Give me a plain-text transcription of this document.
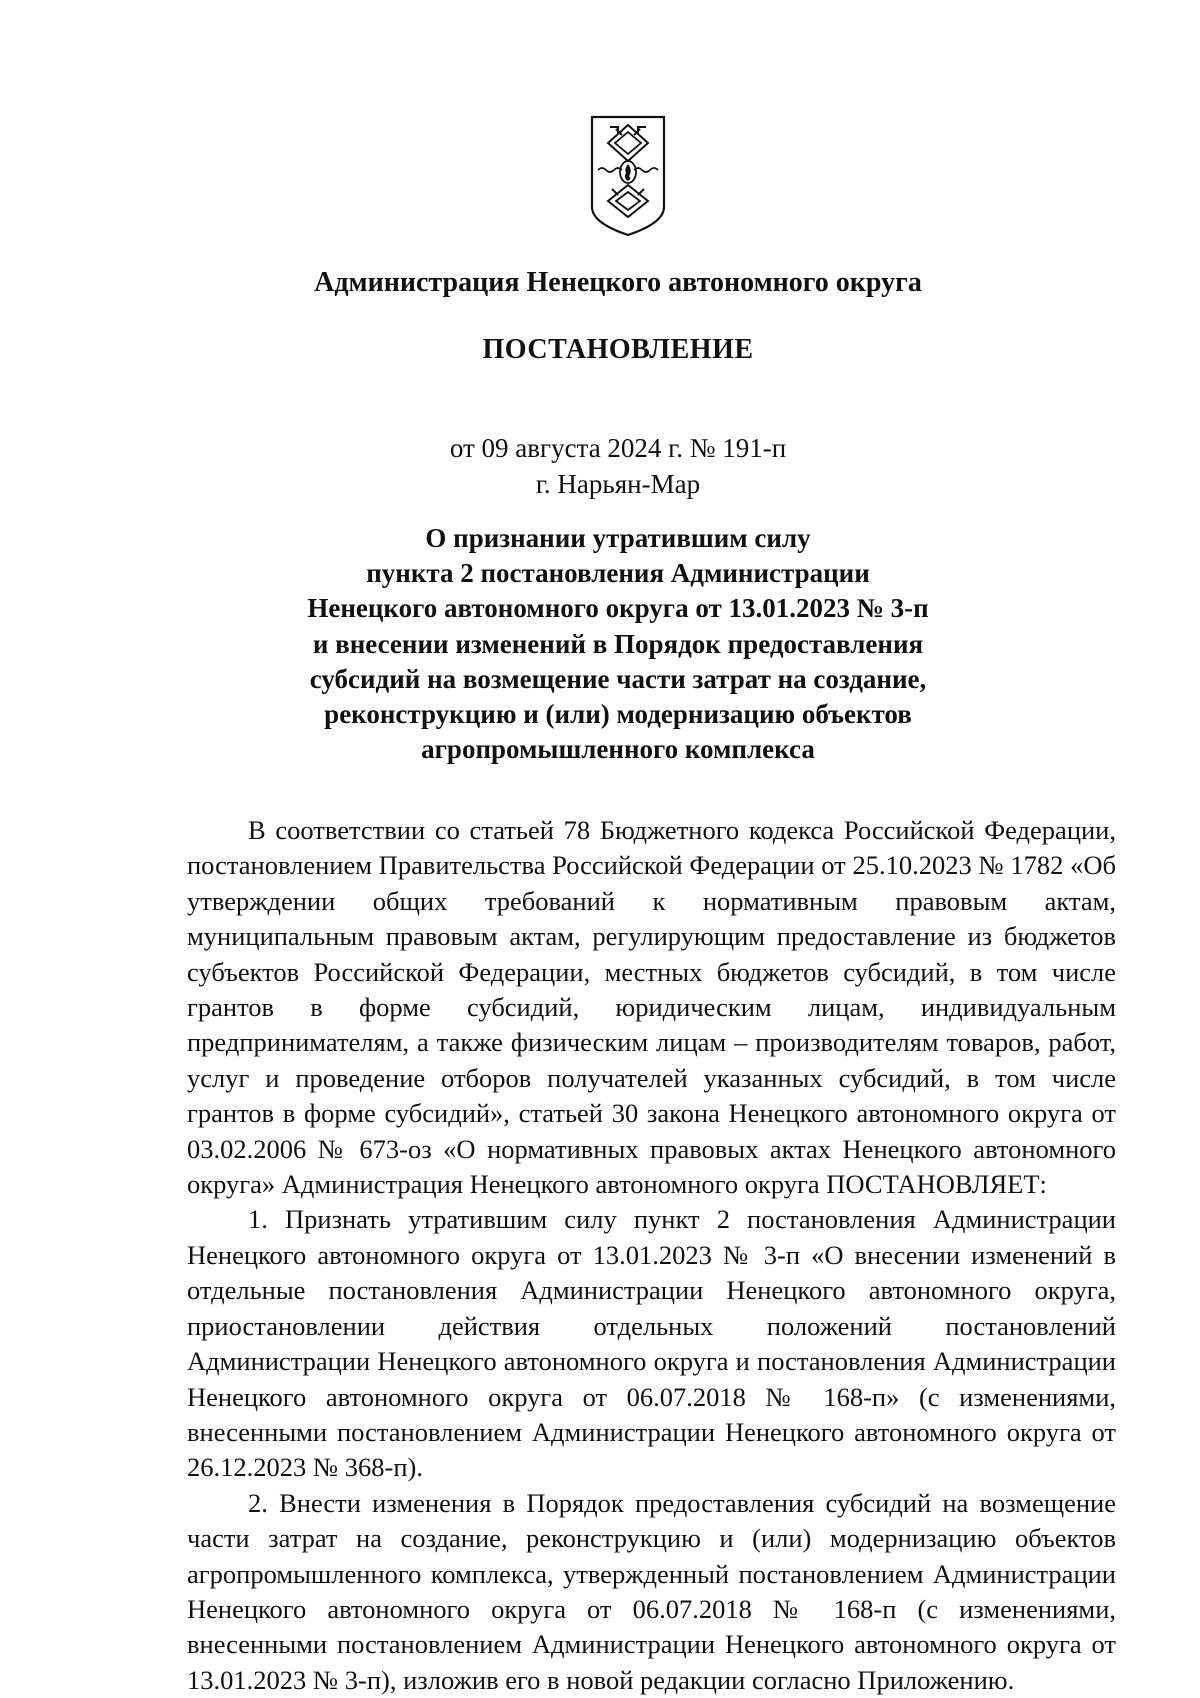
Администрация Ненецкого автономного округа
ПОСТАНОВЛЕНИЕ
от 09 августа 2024 г. № 191-п
г. Нарьян-Мар
О признании утратившим силу
пункта 2 постановления Администрации
Ненецкого автономного округа от 13.01.2023 № 3-п
и внесении изменений в Порядок предоставления
субсидий на возмещение части затрат на создание,
реконструкцию и (или) модернизацию объектов
агропромышленного комплекса

В соответствии со статьей 78 Бюджетного кодекса Российской Федерации, постановлением Правительства Российской Федерации от 25.10.2023 № 1782 «Об утверждении общих требований к нормативным правовым актам, муниципальным правовым актам, регулирующим предоставление из бюджетов субъектов Российской Федерации, местных бюджетов субсидий, в том числе грантов в форме субсидий, юридическим лицам, индивидуальным предпринимателям, а также физическим лицам – производителям товаров, работ, услуг и проведение отборов получателей указанных субсидий, в том числе грантов в форме субсидий», статьей 30 закона Ненецкого автономного округа от 03.02.2006 № 673-оз «О нормативных правовых актах Ненецкого автономного округа» Администрация Ненецкого автономного округа ПОСТАНОВЛЯЕТ:

1. Признать утратившим силу пункт 2 постановления Администрации Ненецкого автономного округа от 13.01.2023 № 3-п «О внесении изменений в отдельные постановления Администрации Ненецкого автономного округа, приостановлении действия отдельных положений постановлений Администрации Ненецкого автономного округа и постановления Администрации Ненецкого автономного округа от 06.07.2018 № 168-п» (с изменениями, внесенными постановлением Администрации Ненецкого автономного округа от 26.12.2023 № 368-п).

2. Внести изменения в Порядок предоставления субсидий на возмещение части затрат на создание, реконструкцию и (или) модернизацию объектов агропромышленного комплекса, утвержденный постановлением Администрации Ненецкого автономного округа от 06.07.2018 № 168-п (с изменениями, внесенными постановлением Администрации Ненецкого автономного округа от 13.01.2023 № 3-п), изложив его в новой редакции согласно Приложению.
